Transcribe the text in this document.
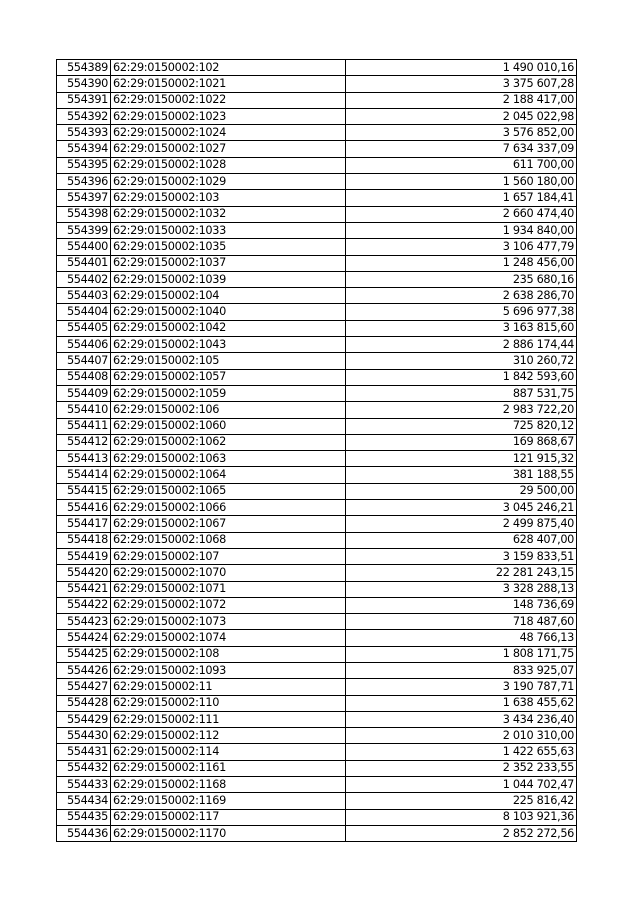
554389	62:29:0150002:102	1 490 010,16
554390	62:29:0150002:1021	3 375 607,28
554391	62:29:0150002:1022	2 188 417,00
554392	62:29:0150002:1023	2 045 022,98
554393	62:29:0150002:1024	3 576 852,00
554394	62:29:0150002:1027	7 634 337,09
554395	62:29:0150002:1028	611 700,00
554396	62:29:0150002:1029	1 560 180,00
554397	62:29:0150002:103	1 657 184,41
554398	62:29:0150002:1032	2 660 474,40
554399	62:29:0150002:1033	1 934 840,00
554400	62:29:0150002:1035	3 106 477,79
554401	62:29:0150002:1037	1 248 456,00
554402	62:29:0150002:1039	235 680,16
554403	62:29:0150002:104	2 638 286,70
554404	62:29:0150002:1040	5 696 977,38
554405	62:29:0150002:1042	3 163 815,60
554406	62:29:0150002:1043	2 886 174,44
554407	62:29:0150002:105	310 260,72
554408	62:29:0150002:1057	1 842 593,60
554409	62:29:0150002:1059	887 531,75
554410	62:29:0150002:106	2 983 722,20
554411	62:29:0150002:1060	725 820,12
554412	62:29:0150002:1062	169 868,67
554413	62:29:0150002:1063	121 915,32
554414	62:29:0150002:1064	381 188,55
554415	62:29:0150002:1065	29 500,00
554416	62:29:0150002:1066	3 045 246,21
554417	62:29:0150002:1067	2 499 875,40
554418	62:29:0150002:1068	628 407,00
554419	62:29:0150002:107	3 159 833,51
554420	62:29:0150002:1070	22 281 243,15
554421	62:29:0150002:1071	3 328 288,13
554422	62:29:0150002:1072	148 736,69
554423	62:29:0150002:1073	718 487,60
554424	62:29:0150002:1074	48 766,13
554425	62:29:0150002:108	1 808 171,75
554426	62:29:0150002:1093	833 925,07
554427	62:29:0150002:11	3 190 787,71
554428	62:29:0150002:110	1 638 455,62
554429	62:29:0150002:111	3 434 236,40
554430	62:29:0150002:112	2 010 310,00
554431	62:29:0150002:114	1 422 655,63
554432	62:29:0150002:1161	2 352 233,55
554433	62:29:0150002:1168	1 044 702,47
554434	62:29:0150002:1169	225 816,42
554435	62:29:0150002:117	8 103 921,36
554436	62:29:0150002:1170	2 852 272,56
